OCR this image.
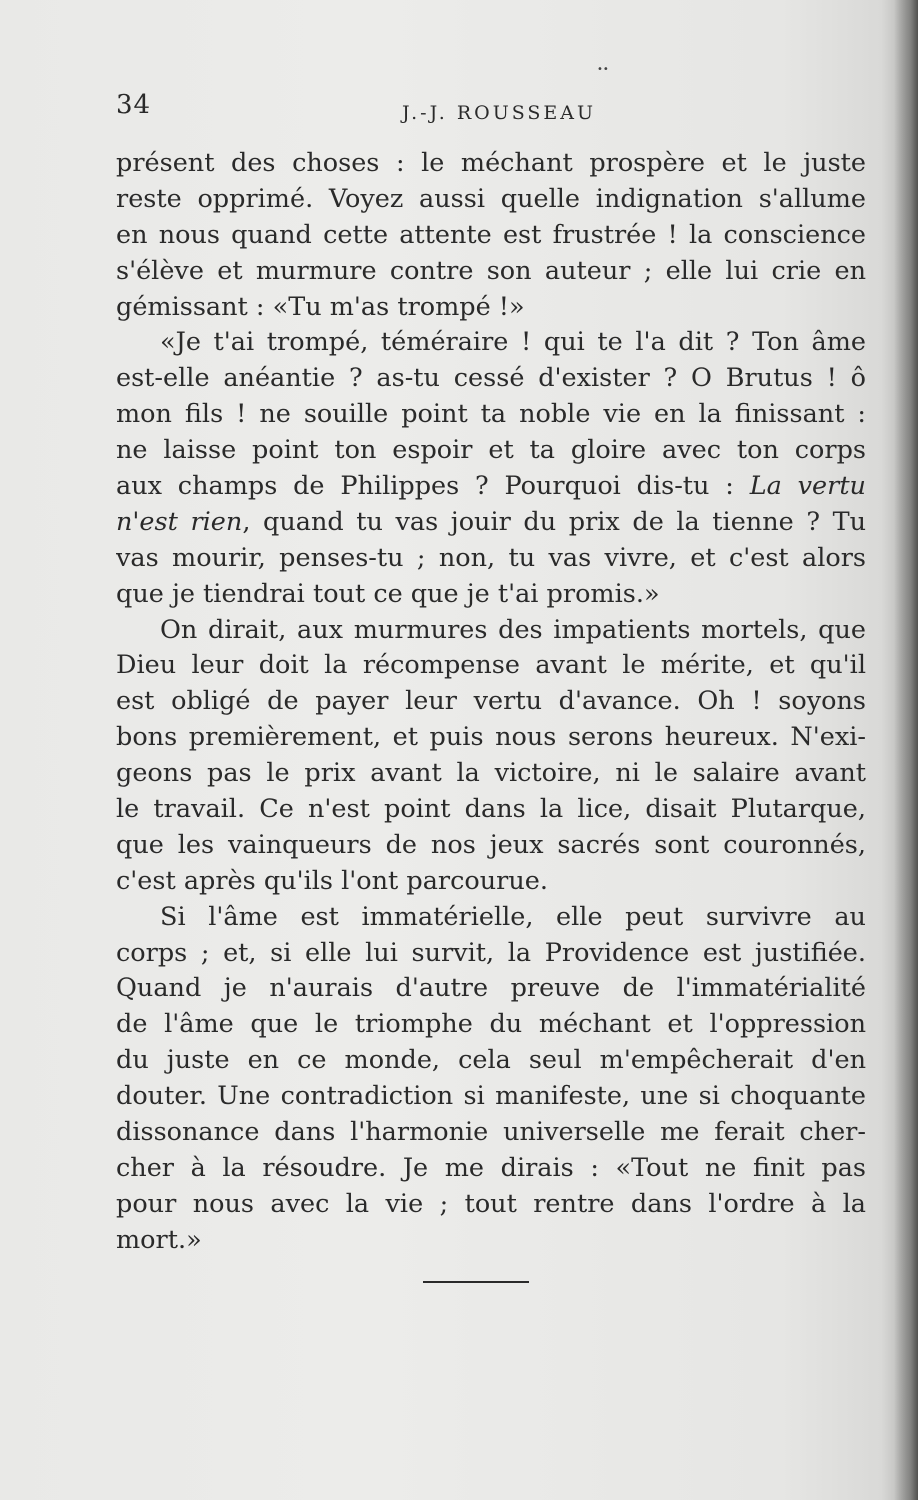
••
34	J.-J. ROUSSEAU
présent des choses : le méchant prospère et le juste
reste opprimé. Voyez aussi quelle indignation s'allume
en nous quand cette attente est frustrée ! la conscience
s'élève et murmure contre son auteur ; elle lui crie en
gémissant : «Tu m'as trompé !»
«Je t'ai trompé, téméraire ! qui te l'a dit ? Ton âme
est-elle anéantie ? as-tu cessé d'exister ? O Brutus ! ô
mon fils ! ne souille point ta noble vie en la finissant :
ne laisse point ton espoir et ta gloire avec ton corps
aux champs de Philippes ? Pourquoi dis-tu : La vertu
n'est rien, quand tu vas jouir du prix de la tienne ? Tu
vas mourir, penses-tu ; non, tu vas vivre, et c'est alors
que je tiendrai tout ce que je t'ai promis.»
On dirait, aux murmures des impatients mortels, que
Dieu leur doit la récompense avant le mérite, et qu'il
est obligé de payer leur vertu d'avance. Oh ! soyons
bons premièrement, et puis nous serons heureux. N'exi-
geons pas le prix avant la victoire, ni le salaire avant
le travail. Ce n'est point dans la lice, disait Plutarque,
que les vainqueurs de nos jeux sacrés sont couronnés,
c'est après qu'ils l'ont parcourue.
Si l'âme est immatérielle, elle peut survivre au
corps ; et, si elle lui survit, la Providence est justifiée.
Quand je n'aurais d'autre preuve de l'immatérialité
de l'âme que le triomphe du méchant et l'oppression
du juste en ce monde, cela seul m'empêcherait d'en
douter. Une contradiction si manifeste, une si choquante
dissonance dans l'harmonie universelle me ferait cher-
cher à la résoudre. Je me dirais : «Tout ne finit pas
pour nous avec la vie ; tout rentre dans l'ordre à la
mort.»
